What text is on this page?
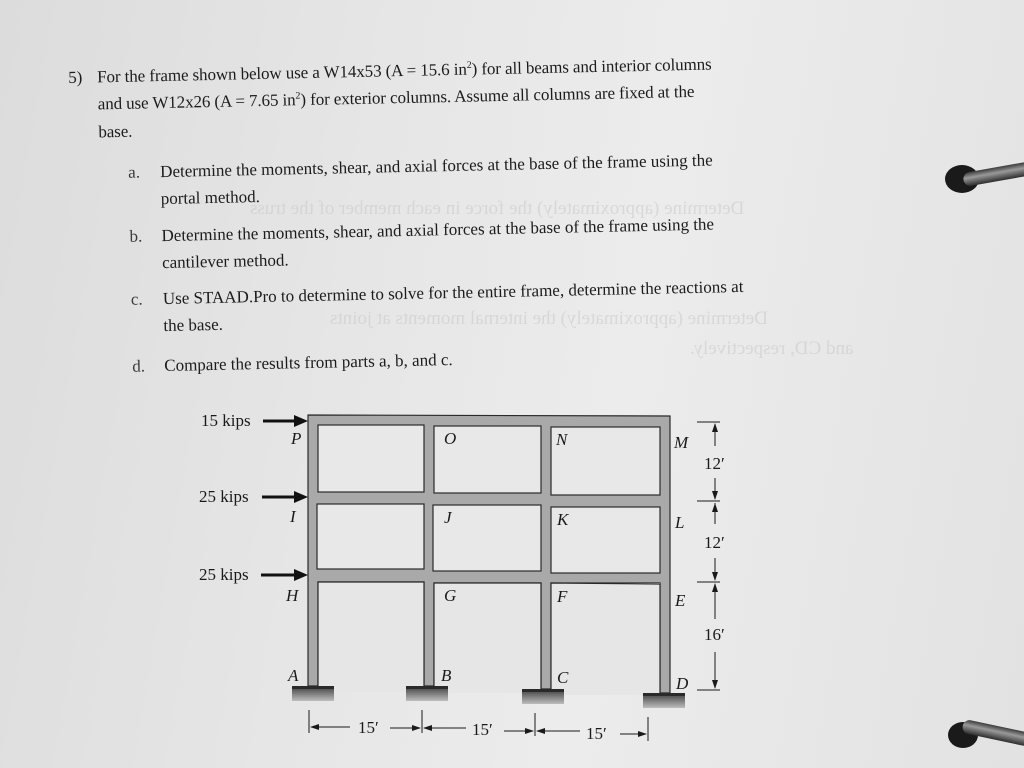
Determine (approximately) the force in each member of the truss
Determine (approximately) the internal moments at joints
and CD, respectively.
5) For the frame shown below use a W14x53 (A = 15.6 $in^2$) for all beams and interior columns
and use W12x26 (A = 7.65 $in^2$) for exterior columns. Assume all columns are fixed at the
base.
a.	Determine the moments, shear, and axial forces at the base of the frame using the
portal method.
b.	Determine the moments, shear, and axial forces at the base of the frame using the
cantilever method.
c.	Use STAAD.Pro to determine to solve for the entire frame, determine the reactions at
the base.
d.	Compare the results from parts a, b, and c.
15 kips
25 kips
25 kips
P	O	N	M
I	J	K	L
H	G	F	E
A	B	C	D
12′
12′
16′
15′	15′	15′
